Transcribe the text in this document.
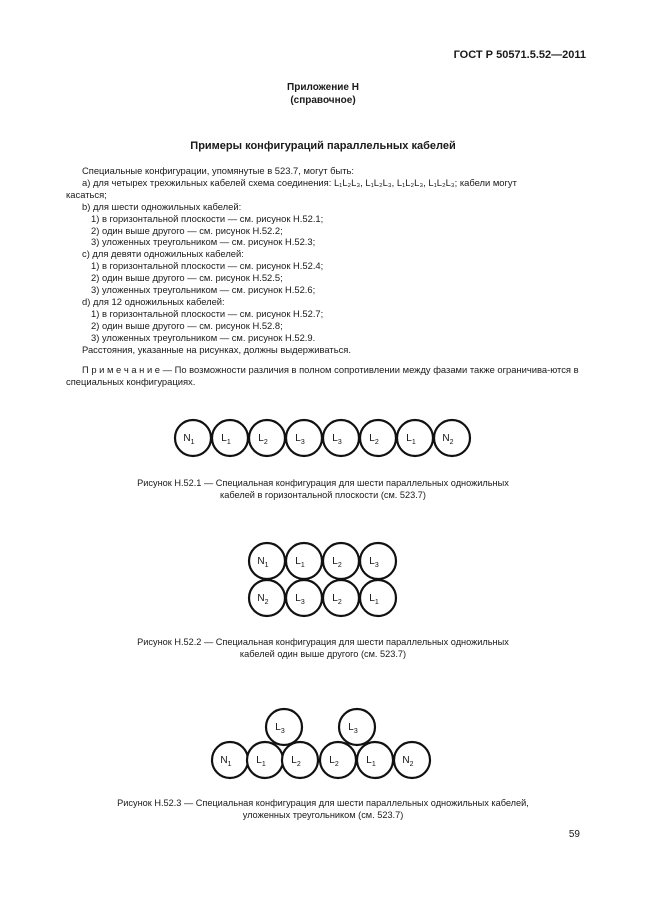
ГОСТ Р 50571.5.52—2011
Приложение Н
(справочное)
Примеры конфигураций параллельных кабелей

Специальные конфигурации, упомянутые в 523.7, могут быть:

а) для четырех трехжильных кабелей схема соединения: L₁L₂L₃, L₁L₂L₃, L₁L₂L₃, L₁L₂L₃; кабели могут

касаться;

b) для шести одножильных кабелей:

1) в горизонтальной плоскости — см. рисунок Н.52.1;

2) один выше другого — см. рисунок Н.52.2;

3) уложенных треугольником — см. рисунок Н.52.3;

с) для девяти одножильных кабелей:

1) в горизонтальной плоскости — см. рисунок Н.52.4;

2) один выше другого — см. рисунок Н.52.5;

3) уложенных треугольником — см. рисунок Н.52.6;

d) для 12 одножильных кабелей:

1) в горизонтальной плоскости — см. рисунок Н.52.7;

2) один выше другого — см. рисунок Н.52.8;

3) уложенных треугольником — см. рисунок Н.52.9.

Расстояния, указанные на рисунках, должны выдерживаться.

П р и м е ч а н и е — По возможности различия в полном сопротивлении между фазами также ограничива-ются в специальных конфигурациях.
$N_1$	$L_1$	$L_2$	$L_3$	$L_3$	$L_2$	$L_1$	$N_2$
$N_1$	$L_1$	$L_2$	$L_3$
$N_2$	$L_3$	$L_2$	$L_1$
$N_1$ $L_1$	$L_2$	$L_2$	$L_1$	$N_2$
$L_3$	$L_3$
Рисунок Н.52.1 — Специальная конфигурация для шести параллельных одножильных
кабелей в горизонтальной плоскости (см. 523.7)
Рисунок Н.52.2 — Специальная конфигурация для шести параллельных одножильных
кабелей один выше другого (см. 523.7)
Рисунок Н.52.3 — Специальная конфигурация для шести параллельных одножильных кабелей,
уложенных треугольником (см. 523.7)
59
